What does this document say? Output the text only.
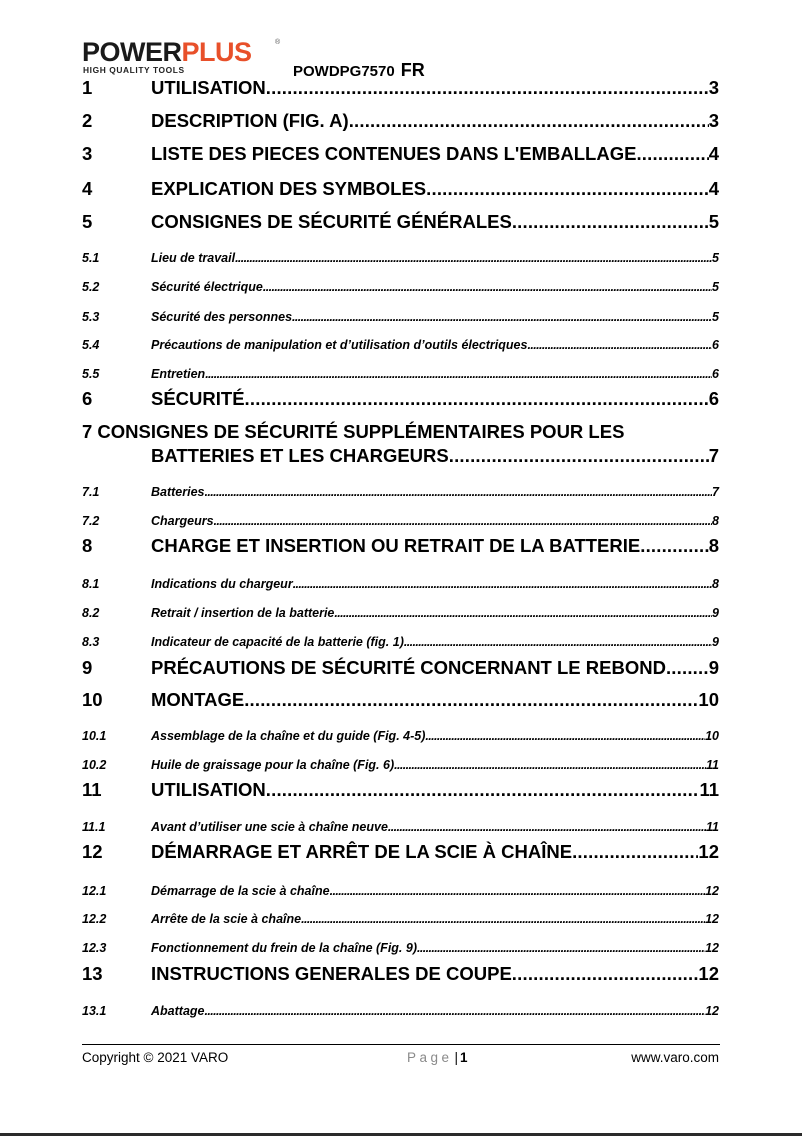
POWERPLUS	®
HIGH QUALITY TOOLS	POWDPG7570 FR
1	UTILISATION .....	3
2	DESCRIPTION (FIG. A) .....	3
3	LISTE DES PIECES CONTENUES DANS L'EMBALLAGE .....	4
4	EXPLICATION DES SYMBOLES .....	4
5	CONSIGNES DE SÉCURITÉ GÉNÉRALES .....	5
5.1	Lieu de travail .....	5
5.2	Sécurité électrique .....	5
5.3	Sécurité des personnes .....	5
5.4	Précautions de manipulation et d’utilisation d’outils électriques .....	6
5.5	Entretien .....	6
6	SÉCURITÉ .....	6
7 CONSIGNES DE SÉCURITÉ SUPPLÉMENTAIRES POUR LES
BATTERIES ET LES CHARGEURS .....	7
7.1	Batteries .....	7
7.2	Chargeurs .....	8
8	CHARGE ET INSERTION OU RETRAIT DE LA BATTERIE .....	8
8.1	Indications du chargeur .....	8
8.2	Retrait / insertion de la batterie .....	9
8.3	Indicateur de capacité de la batterie (fig. 1) .....	9
9	PRÉCAUTIONS DE SÉCURITÉ CONCERNANT LE REBOND ..... 9
10	MONTAGE .....	10
10.1	Assemblage de la chaîne et du guide (Fig. 4-5) .....	10
10.2	Huile de graissage pour la chaîne (Fig. 6) .....	11
11	UTILISATION .....	11
11.1	Avant d’utiliser une scie à chaîne neuve .....	11
12	DÉMARRAGE ET ARRÊT DE LA SCIE À CHAÎNE .....	12
12.1	Démarrage de la scie à chaîne .....	12
12.2	Arrête de la scie à chaîne .....	12
12.3	Fonctionnement du frein de la chaîne (Fig. 9) .....	12
13	INSTRUCTIONS GENERALES DE COUPE .....	12
13.1	Abattage .....	12
Copyright © 2021 VARO	Page | 1	www.varo.com
